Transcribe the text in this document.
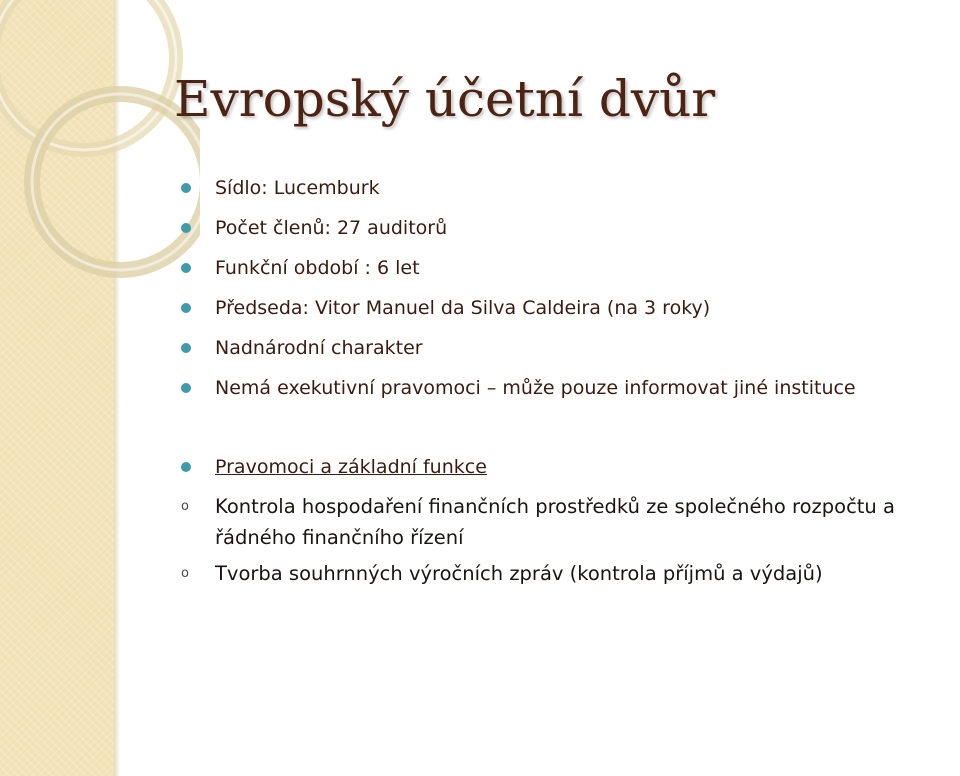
Evropský účetní dvůr
Sídlo: Lucemburk
Počet členů: 27 auditorů
Funkční období : 6 let
Předseda: Vitor Manuel da Silva Caldeira (na 3 roky)
Nadnárodní charakter
Nemá exekutivní pravomoci – může pouze informovat jiné instituce
Pravomoci a základní funkce
o Kontrola hospodaření finančních prostředků ze společného rozpočtu a řádného finančního řízení
o Tvorba souhrnných výročních zpráv (kontrola příjmů a výdajů)
